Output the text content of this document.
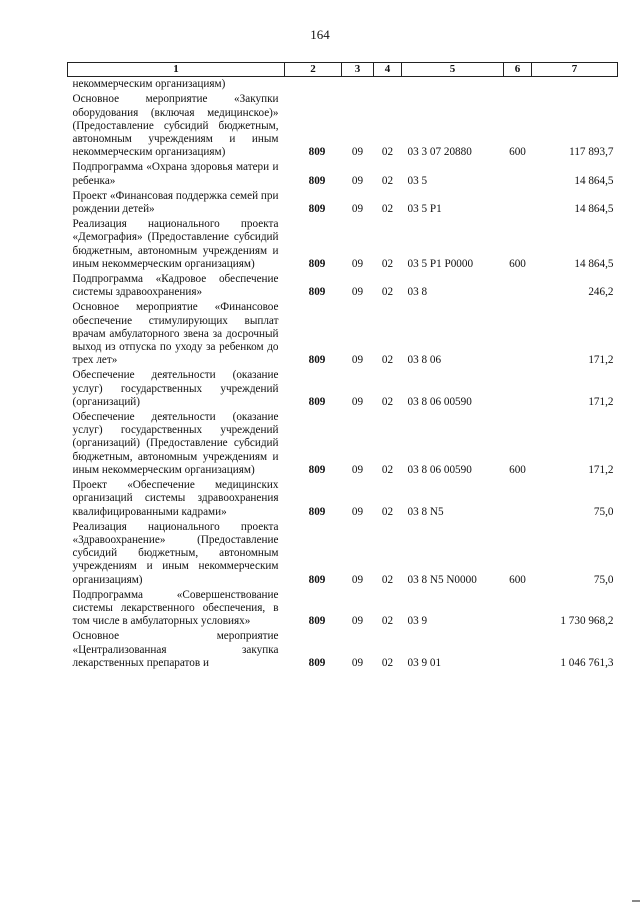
164
1	2	3	4	5	6	7
некоммерческим организациям)						
Основное мероприятие «Закупки оборудования (включая медицинское)» (Предоставление субсидий бюджетным, автономным учреждениям и иным некоммерческим организациям)	809	09	02	03 3 07 20880	600	117 893,7
Подпрограмма «Охрана здоровья матери и ребенка»	809	09	02	03 5		14 864,5
Проект «Финансовая поддержка семей при рождении детей»	809	09	02	03 5 P1		14 864,5
Реализация национального проекта «Демография» (Предоставление субсидий бюджетным, автономным учреждениям и иным некоммерческим организациям)	809	09	02	03 5 P1 P0000	600	14 864,5
Подпрограмма «Кадровое обеспечение системы здравоохранения»	809	09	02	03 8		246,2
Основное мероприятие «Финансовое обеспечение стимулирующих выплат врачам амбулаторного звена за досрочный выход из отпуска по уходу за ребенком до трех лет»	809	09	02	03 8 06		171,2
Обеспечение деятельности (оказание услуг) государственных учреждений (организаций)	809	09	02	03 8 06 00590		171,2
Обеспечение деятельности (оказание услуг) государственных учреждений (организаций) (Предоставление субсидий бюджетным, автономным учреждениям и иным некоммерческим организациям)	809	09	02	03 8 06 00590	600	171,2
Проект «Обеспечение медицинских организаций системы здравоохранения квалифицированными кадрами»	809	09	02	03 8 N5		75,0
Реализация национального проекта «Здравоохранение» (Предоставление субсидий бюджетным, автономным учреждениям и иным некоммерческим организациям)	809	09	02	03 8 N5 N0000	600	75,0
Подпрограмма «Совершенствование системы лекарственного обеспечения, в том числе в амбулаторных условиях»	809	09	02	03 9		1 730 968,2
Основное мероприятие «Централизованная закупка лекарственных препаратов и	809	09	02	03 9 01		1 046 761,3
